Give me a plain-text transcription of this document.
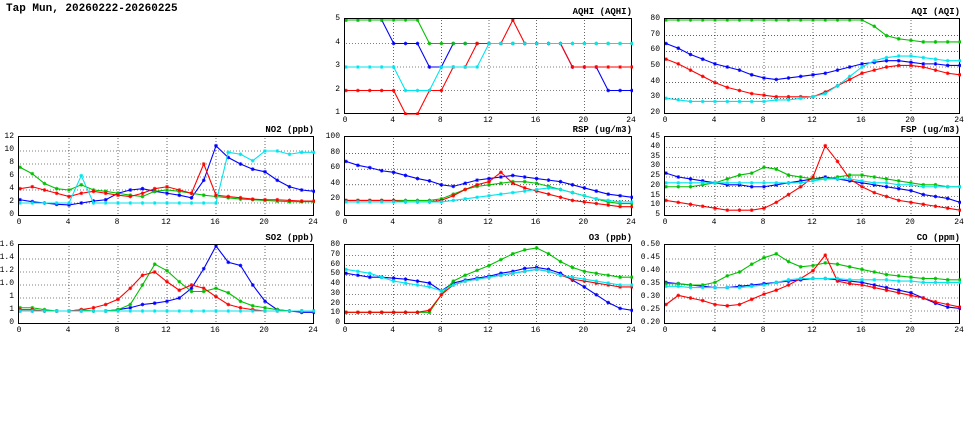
Tap Mun, 20260222-20260225	AQHI (AQHI)
0	4	8	12	16	20	24
1
2
3
4
5
AQI (AQI)
0	4	8	12	16	20	24
20
30
40
50
60
70
80
NO2 (ppb)
0	4	8	12	16	20	24
0
2
4
6
8
10
12
RSP (ug/m3)
0	4	8	12	16	20	24
0
20
40
60
80
100
FSP (ug/m3)
0	4	8	12	16	20	24
5
10
15
20
25
30
35
40
45
SO2 (ppb)
0	4	8	12	16	20	24
0
1
1
1.0
1.2
1.4
1.6
O3 (ppb)
0	4	8	12	16	20	24
0
10
20
30
40
50
60
70
80
CO (ppm)
0	4	8	12	16	20	24
0.20
0.25
0.30
0.35
0.40
0.45
0.50
